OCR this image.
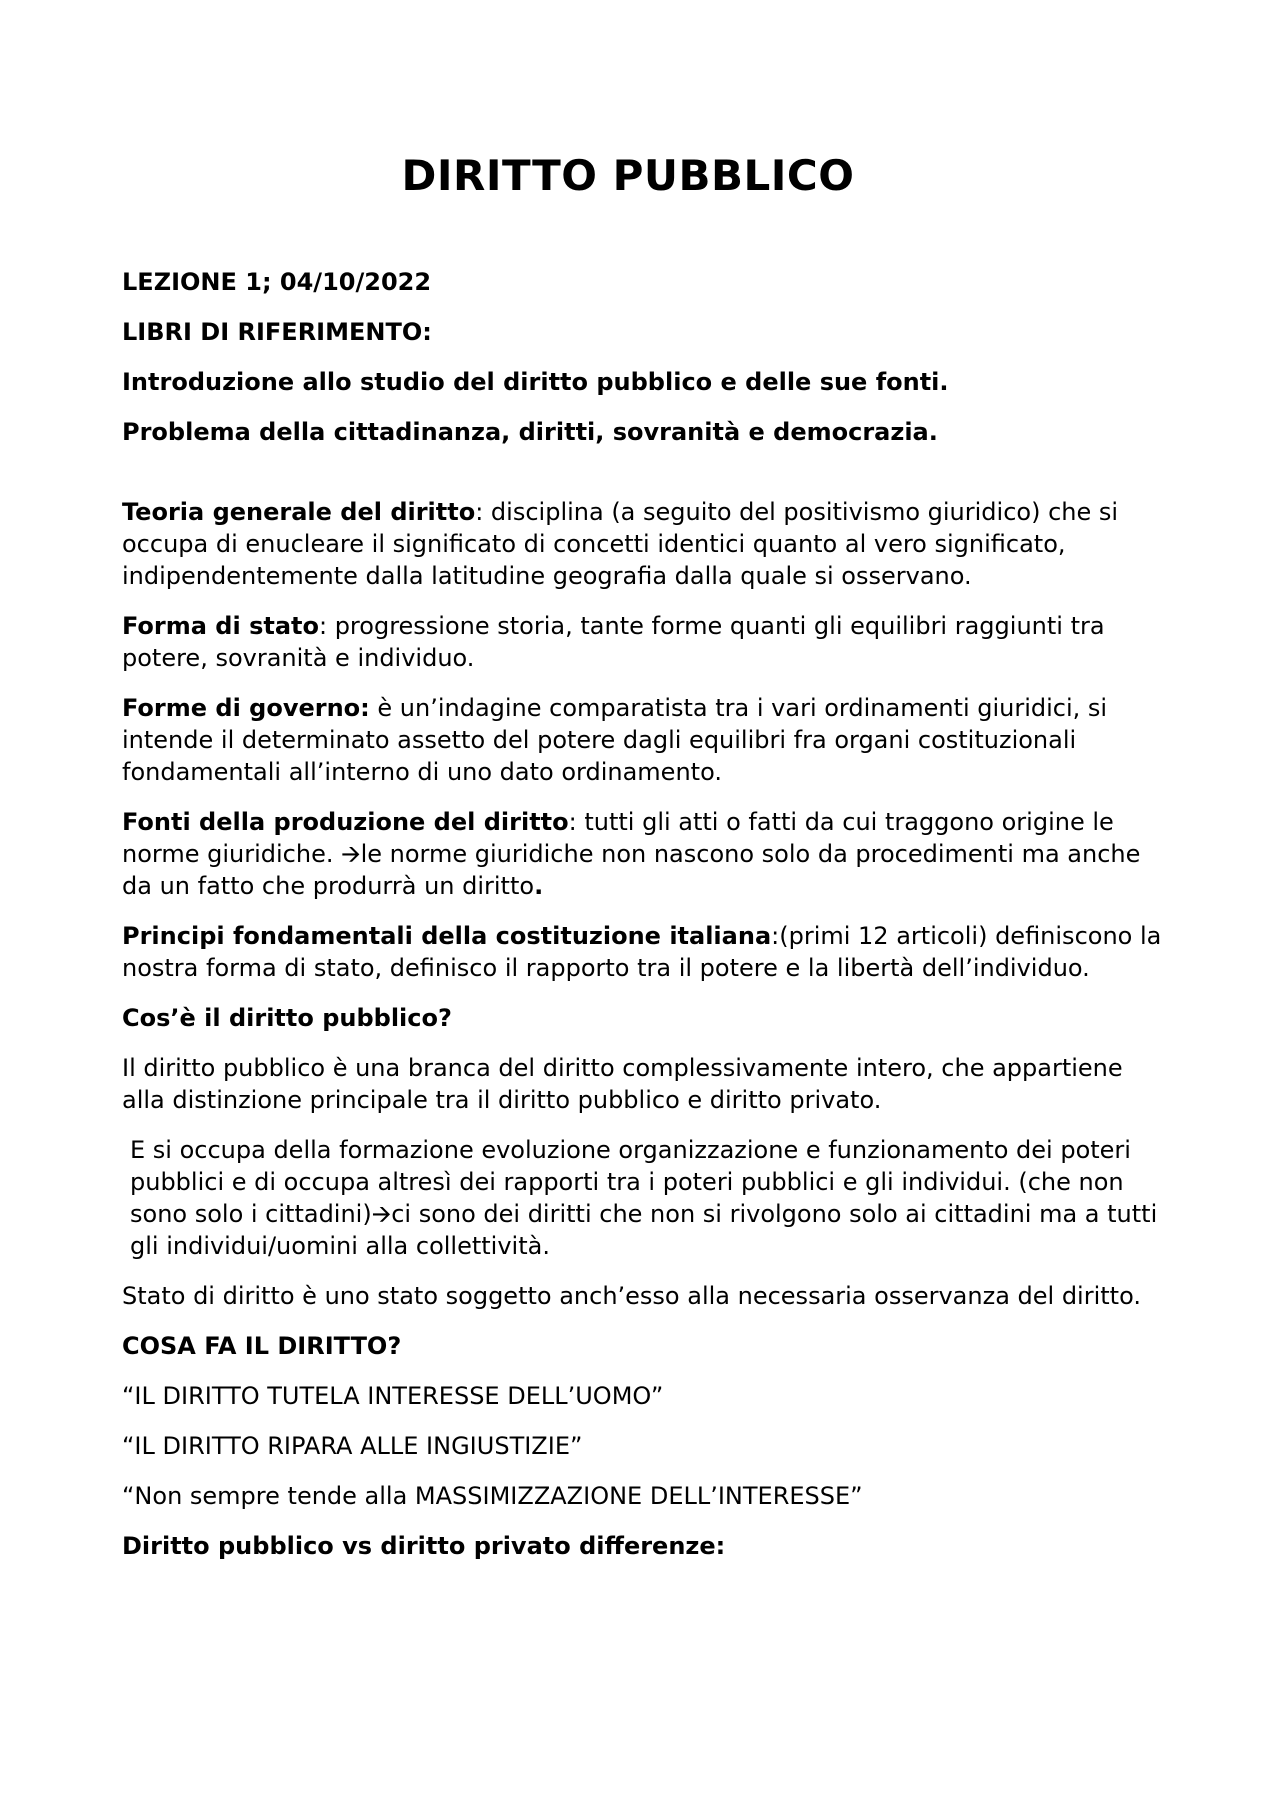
DIRITTO PUBBLICO

LEZIONE 1; 04/10/2022

LIBRI DI RIFERIMENTO:

Introduzione allo studio del diritto pubblico e delle sue fonti.

Problema della cittadinanza, diritti, sovranità e democrazia.

Teoria generale del diritto: disciplina (a seguito del positivismo giuridico) che si occupa di enucleare il significato di concetti identici quanto al vero significato, indipendentemente dalla latitudine geografia dalla quale si osservano.

Forma di stato: progressione storia, tante forme quanti gli equilibri raggiunti tra potere, sovranità e individuo.

Forme di governo: è un’indagine comparatista tra i vari ordinamenti giuridici, si intende il determinato assetto del potere dagli equilibri fra organi costituzionali fondamentali all’interno di uno dato ordinamento.

Fonti della produzione del diritto: tutti gli atti o fatti da cui traggono origine le norme giuridiche. 🡪le norme giuridiche non nascono solo da procedimenti ma anche da un fatto che produrrà un diritto.

Principi fondamentali della costituzione italiana:(primi 12 articoli) definiscono la nostra forma di stato, definisco il rapporto tra il potere e la libertà dell’individuo.

Cos’è il diritto pubblico?

Il diritto pubblico è una branca del diritto complessivamente intero, che appartiene alla distinzione principale tra il diritto pubblico e diritto privato.

E si occupa della formazione evoluzione organizzazione e funzionamento dei poteri pubblici e di occupa altresì dei rapporti tra i poteri pubblici e gli individui. (che non sono solo i cittadini)🡪ci sono dei diritti che non si rivolgono solo ai cittadini ma a tutti gli individui/uomini alla collettività.

Stato di diritto è uno stato soggetto anch’esso alla necessaria osservanza del diritto.

COSA FA IL DIRITTO?

“IL DIRITTO TUTELA INTERESSE DELL’UOMO”

“IL DIRITTO RIPARA ALLE INGIUSTIZIE”

“Non sempre tende alla MASSIMIZZAZIONE DELL’INTERESSE”

Diritto pubblico vs diritto privato differenze:
